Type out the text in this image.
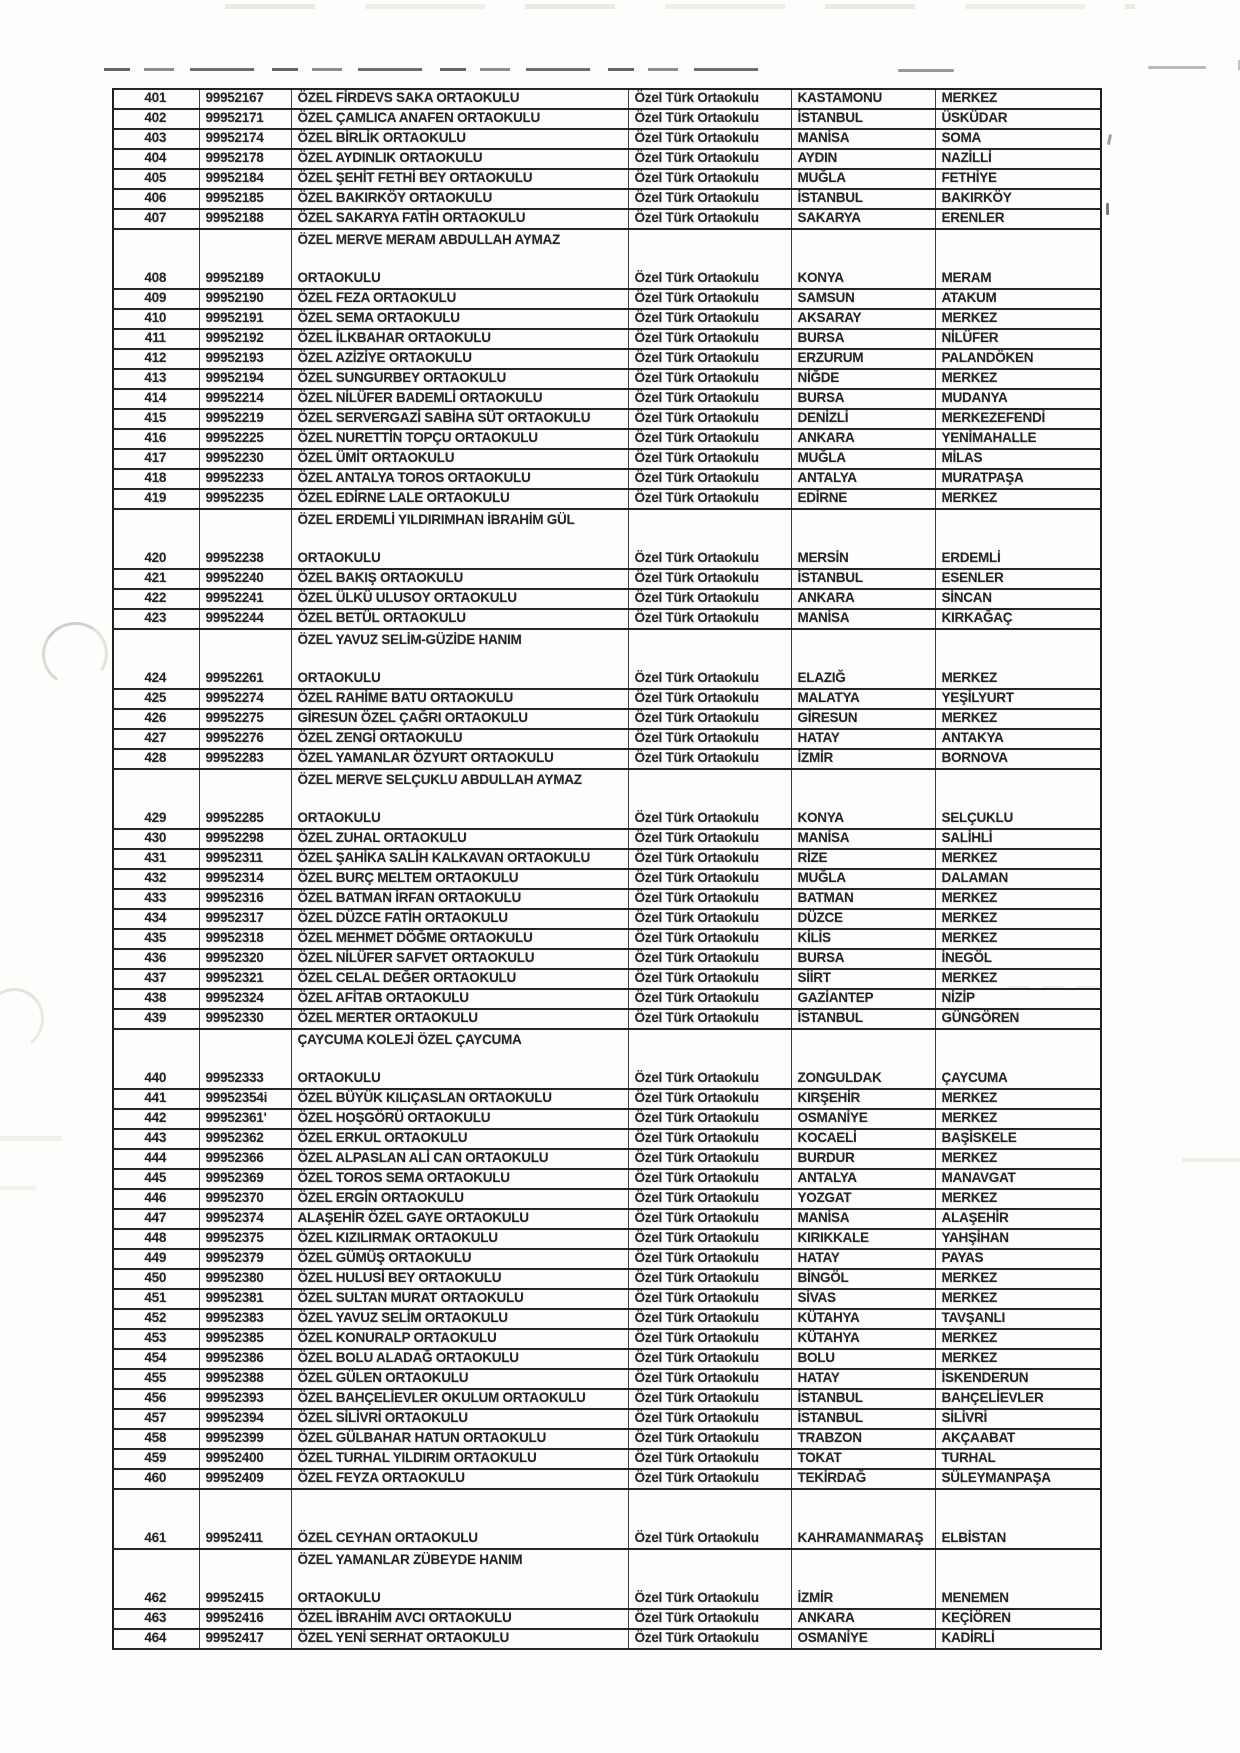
401	99952167	ÖZEL FİRDEVS SAKA ORTAOKULU	Özel Türk Ortaokulu	KASTAMONU	MERKEZ
402	99952171	ÖZEL ÇAMLICA ANAFEN ORTAOKULU	Özel Türk Ortaokulu	İSTANBUL	ÜSKÜDAR
403	99952174	ÖZEL BİRLİK ORTAOKULU	Özel Türk Ortaokulu	MANİSA	SOMA
404	99952178	ÖZEL AYDINLIK ORTAOKULU	Özel Türk Ortaokulu	AYDIN	NAZİLLİ
405	99952184	ÖZEL ŞEHİT FETHİ BEY ORTAOKULU	Özel Türk Ortaokulu	MUĞLA	FETHİYE
406	99952185	ÖZEL BAKIRKÖY ORTAOKULU	Özel Türk Ortaokulu	İSTANBUL	BAKIRKÖY
407	99952188	ÖZEL SAKARYA FATİH ORTAOKULU	Özel Türk Ortaokulu	SAKARYA	ERENLER
408	99952189	ÖZEL MERVE MERAM ABDULLAH AYMAZ
ORTAOKULU	Özel Türk Ortaokulu	KONYA	MERAM
409	99952190	ÖZEL FEZA ORTAOKULU	Özel Türk Ortaokulu	SAMSUN	ATAKUM
410	99952191	ÖZEL SEMA ORTAOKULU	Özel Türk Ortaokulu	AKSARAY	MERKEZ
411	99952192	ÖZEL İLKBAHAR ORTAOKULU	Özel Türk Ortaokulu	BURSA	NİLÜFER
412	99952193	ÖZEL AZİZİYE ORTAOKULU	Özel Türk Ortaokulu	ERZURUM	PALANDÖKEN
413	99952194	ÖZEL SUNGURBEY ORTAOKULU	Özel Türk Ortaokulu	NİĞDE	MERKEZ
414	99952214	ÖZEL NİLÜFER BADEMLİ ORTAOKULU	Özel Türk Ortaokulu	BURSA	MUDANYA
415	99952219	ÖZEL SERVERGAZİ SABİHA SÜT ORTAOKULU	Özel Türk Ortaokulu	DENİZLİ	MERKEZEFENDİ
416	99952225	ÖZEL NURETTİN TOPÇU ORTAOKULU	Özel Türk Ortaokulu	ANKARA	YENİMAHALLE
417	99952230	ÖZEL ÜMİT ORTAOKULU	Özel Türk Ortaokulu	MUĞLA	MİLAS
418	99952233	ÖZEL ANTALYA TOROS ORTAOKULU	Özel Türk Ortaokulu	ANTALYA	MURATPAŞA
419	99952235	ÖZEL EDİRNE LALE ORTAOKULU	Özel Türk Ortaokulu	EDİRNE	MERKEZ
420	99952238	ÖZEL ERDEMLİ YILDIRIMHAN İBRAHİM GÜL
ORTAOKULU	Özel Türk Ortaokulu	MERSİN	ERDEMLİ
421	99952240	ÖZEL BAKIŞ ORTAOKULU	Özel Türk Ortaokulu	İSTANBUL	ESENLER
422	99952241	ÖZEL ÜLKÜ ULUSOY ORTAOKULU	Özel Türk Ortaokulu	ANKARA	SİNCAN
423	99952244	ÖZEL BETÜL ORTAOKULU	Özel Türk Ortaokulu	MANİSA	KIRKAĞAÇ
424	99952261	ÖZEL YAVUZ SELİM-GÜZİDE HANIM
ORTAOKULU	Özel Türk Ortaokulu	ELAZIĞ	MERKEZ
425	99952274	ÖZEL RAHİME BATU ORTAOKULU	Özel Türk Ortaokulu	MALATYA	YEŞİLYURT
426	99952275	GİRESUN ÖZEL ÇAĞRI ORTAOKULU	Özel Türk Ortaokulu	GİRESUN	MERKEZ
427	99952276	ÖZEL ZENGİ ORTAOKULU	Özel Türk Ortaokulu	HATAY	ANTAKYA
428	99952283	ÖZEL YAMANLAR ÖZYURT ORTAOKULU	Özel Türk Ortaokulu	İZMİR	BORNOVA
429	99952285	ÖZEL MERVE SELÇUKLU ABDULLAH AYMAZ
ORTAOKULU	Özel Türk Ortaokulu	KONYA	SELÇUKLU
430	99952298	ÖZEL ZUHAL ORTAOKULU	Özel Türk Ortaokulu	MANİSA	SALİHLİ
431	99952311	ÖZEL ŞAHİKA SALİH KALKAVAN ORTAOKULU	Özel Türk Ortaokulu	RİZE	MERKEZ
432	99952314	ÖZEL BURÇ MELTEM ORTAOKULU	Özel Türk Ortaokulu	MUĞLA	DALAMAN
433	99952316	ÖZEL BATMAN İRFAN ORTAOKULU	Özel Türk Ortaokulu	BATMAN	MERKEZ
434	99952317	ÖZEL DÜZCE FATİH ORTAOKULU	Özel Türk Ortaokulu	DÜZCE	MERKEZ
435	99952318	ÖZEL MEHMET DÖĞME ORTAOKULU	Özel Türk Ortaokulu	KİLİS	MERKEZ
436	99952320	ÖZEL NİLÜFER SAFVET ORTAOKULU	Özel Türk Ortaokulu	BURSA	İNEGÖL
437	99952321	ÖZEL CELAL DEĞER ORTAOKULU	Özel Türk Ortaokulu	SİİRT	MERKEZ
438	99952324	ÖZEL AFİTAB ORTAOKULU	Özel Türk Ortaokulu	GAZİANTEP	NİZİP
439	99952330	ÖZEL MERTER ORTAOKULU	Özel Türk Ortaokulu	İSTANBUL	GÜNGÖREN
440	99952333	ÇAYCUMA KOLEJİ ÖZEL ÇAYCUMA
ORTAOKULU	Özel Türk Ortaokulu	ZONGULDAK	ÇAYCUMA
441	99952354i	ÖZEL BÜYÜK KILIÇASLAN ORTAOKULU	Özel Türk Ortaokulu	KIRŞEHİR	MERKEZ
442	99952361'	ÖZEL HOŞGÖRÜ ORTAOKULU	Özel Türk Ortaokulu	OSMANİYE	MERKEZ
443	99952362	ÖZEL ERKUL ORTAOKULU	Özel Türk Ortaokulu	KOCAELİ	BAŞİSKELE
444	99952366	ÖZEL ALPASLAN ALİ CAN ORTAOKULU	Özel Türk Ortaokulu	BURDUR	MERKEZ
445	99952369	ÖZEL TOROS SEMA ORTAOKULU	Özel Türk Ortaokulu	ANTALYA	MANAVGAT
446	99952370	ÖZEL ERGİN ORTAOKULU	Özel Türk Ortaokulu	YOZGAT	MERKEZ
447	99952374	ALAŞEHİR ÖZEL GAYE ORTAOKULU	Özel Türk Ortaokulu	MANİSA	ALAŞEHİR
448	99952375	ÖZEL KIZILIRMAK ORTAOKULU	Özel Türk Ortaokulu	KIRIKKALE	YAHŞİHAN
449	99952379	ÖZEL GÜMÜŞ ORTAOKULU	Özel Türk Ortaokulu	HATAY	PAYAS
450	99952380	ÖZEL HULUSİ BEY ORTAOKULU	Özel Türk Ortaokulu	BİNGÖL	MERKEZ
451	99952381	ÖZEL SULTAN MURAT ORTAOKULU	Özel Türk Ortaokulu	SİVAS	MERKEZ
452	99952383	ÖZEL YAVUZ SELİM ORTAOKULU	Özel Türk Ortaokulu	KÜTAHYA	TAVŞANLI
453	99952385	ÖZEL KONURALP ORTAOKULU	Özel Türk Ortaokulu	KÜTAHYA	MERKEZ
454	99952386	ÖZEL BOLU ALADAĞ ORTAOKULU	Özel Türk Ortaokulu	BOLU	MERKEZ
455	99952388	ÖZEL GÜLEN ORTAOKULU	Özel Türk Ortaokulu	HATAY	İSKENDERUN
456	99952393	ÖZEL BAHÇELİEVLER OKULUM ORTAOKULU	Özel Türk Ortaokulu	İSTANBUL	BAHÇELİEVLER
457	99952394	ÖZEL SİLİVRİ ORTAOKULU	Özel Türk Ortaokulu	İSTANBUL	SİLİVRİ
458	99952399	ÖZEL GÜLBAHAR HATUN ORTAOKULU	Özel Türk Ortaokulu	TRABZON	AKÇAABAT
459	99952400	ÖZEL TURHAL YILDIRIM ORTAOKULU	Özel Türk Ortaokulu	TOKAT	TURHAL
460	99952409	ÖZEL FEYZA ORTAOKULU	Özel Türk Ortaokulu	TEKİRDAĞ	SÜLEYMANPAŞA
461	99952411	ÖZEL CEYHAN ORTAOKULU	Özel Türk Ortaokulu	KAHRAMANMARAŞ	ELBİSTAN
462	99952415	ÖZEL YAMANLAR ZÜBEYDE HANIM
ORTAOKULU	Özel Türk Ortaokulu	İZMİR	MENEMEN
463	99952416	ÖZEL İBRAHİM AVCI ORTAOKULU	Özel Türk Ortaokulu	ANKARA	KEÇİÖREN
464	99952417	ÖZEL YENİ SERHAT ORTAOKULU	Özel Türk Ortaokulu	OSMANİYE	KADİRLİ
